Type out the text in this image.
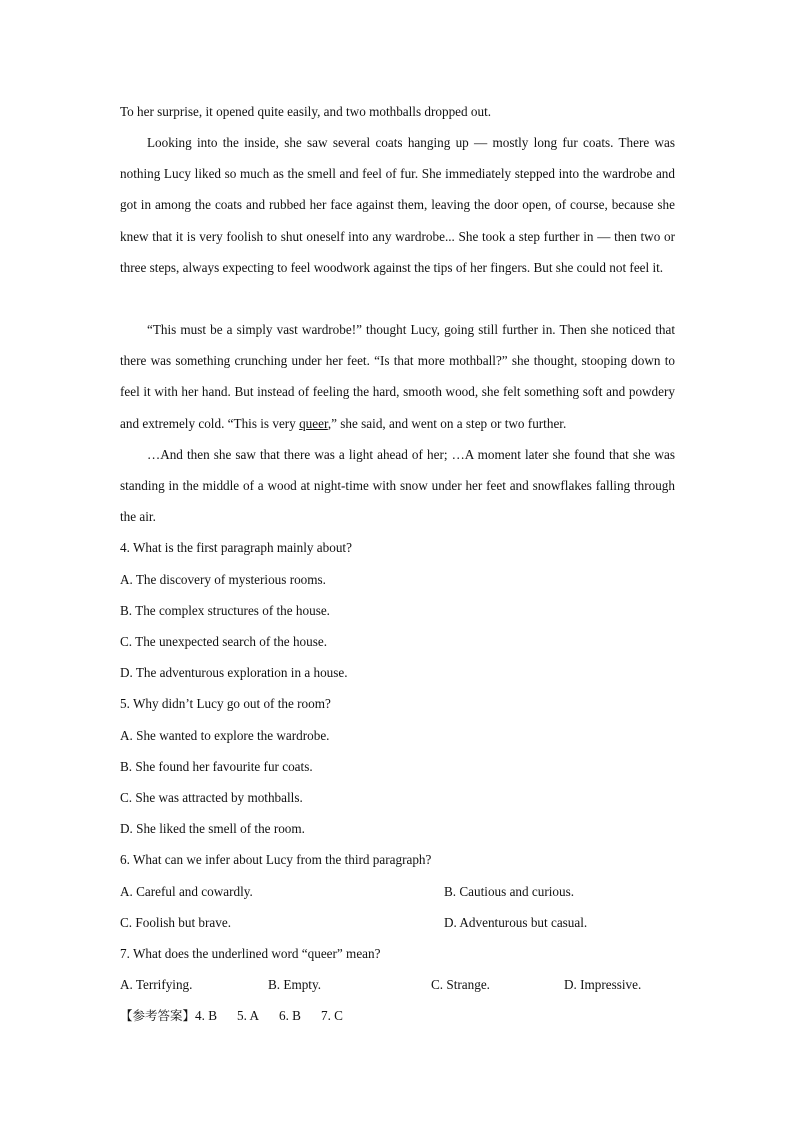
To her surprise, it opened quite easily, and two mothballs dropped out.
Looking into the inside, she saw several coats hanging up — mostly long fur coats. There was nothing Lucy liked so much as the smell and feel of fur. She immediately stepped into the wardrobe and got in among the coats and rubbed her face against them, leaving the door open, of course, because she knew that it is very foolish to shut oneself into any wardrobe... She took a step further in — then two or three steps, always expecting to feel woodwork against the tips of her fingers. But she could not feel it.
“This must be a simply vast wardrobe!” thought Lucy, going still further in. Then she noticed that there was something crunching under her feet. “Is that more mothball?” she thought, stooping down to feel it with her hand. But instead of feeling the hard, smooth wood, she felt something soft and powdery and extremely cold. “This is very queer,” she said, and went on a step or two further.
…And then she saw that there was a light ahead of her; …A moment later she found that she was standing in the middle of a wood at night-time with snow under her feet and snowflakes falling through the air.
4. What is the first paragraph mainly about?
A. The discovery of mysterious rooms.
B. The complex structures of the house.
C. The unexpected search of the house.
D. The adventurous exploration in a house.
5. Why didn’t Lucy go out of the room?
A. She wanted to explore the wardrobe.
B. She found her favourite fur coats.
C. She was attracted by mothballs.
D. She liked the smell of the room.
6. What can we infer about Lucy from the third paragraph?
A. Careful and cowardly.	B. Cautious and curious.
C. Foolish but brave.	D. Adventurous but casual.
7. What does the underlined word “queer” mean?
A. Terrifying.	B. Empty.	C. Strange.	D. Impressive.
【参考答案】4. B 5. A 6. B 7. C
